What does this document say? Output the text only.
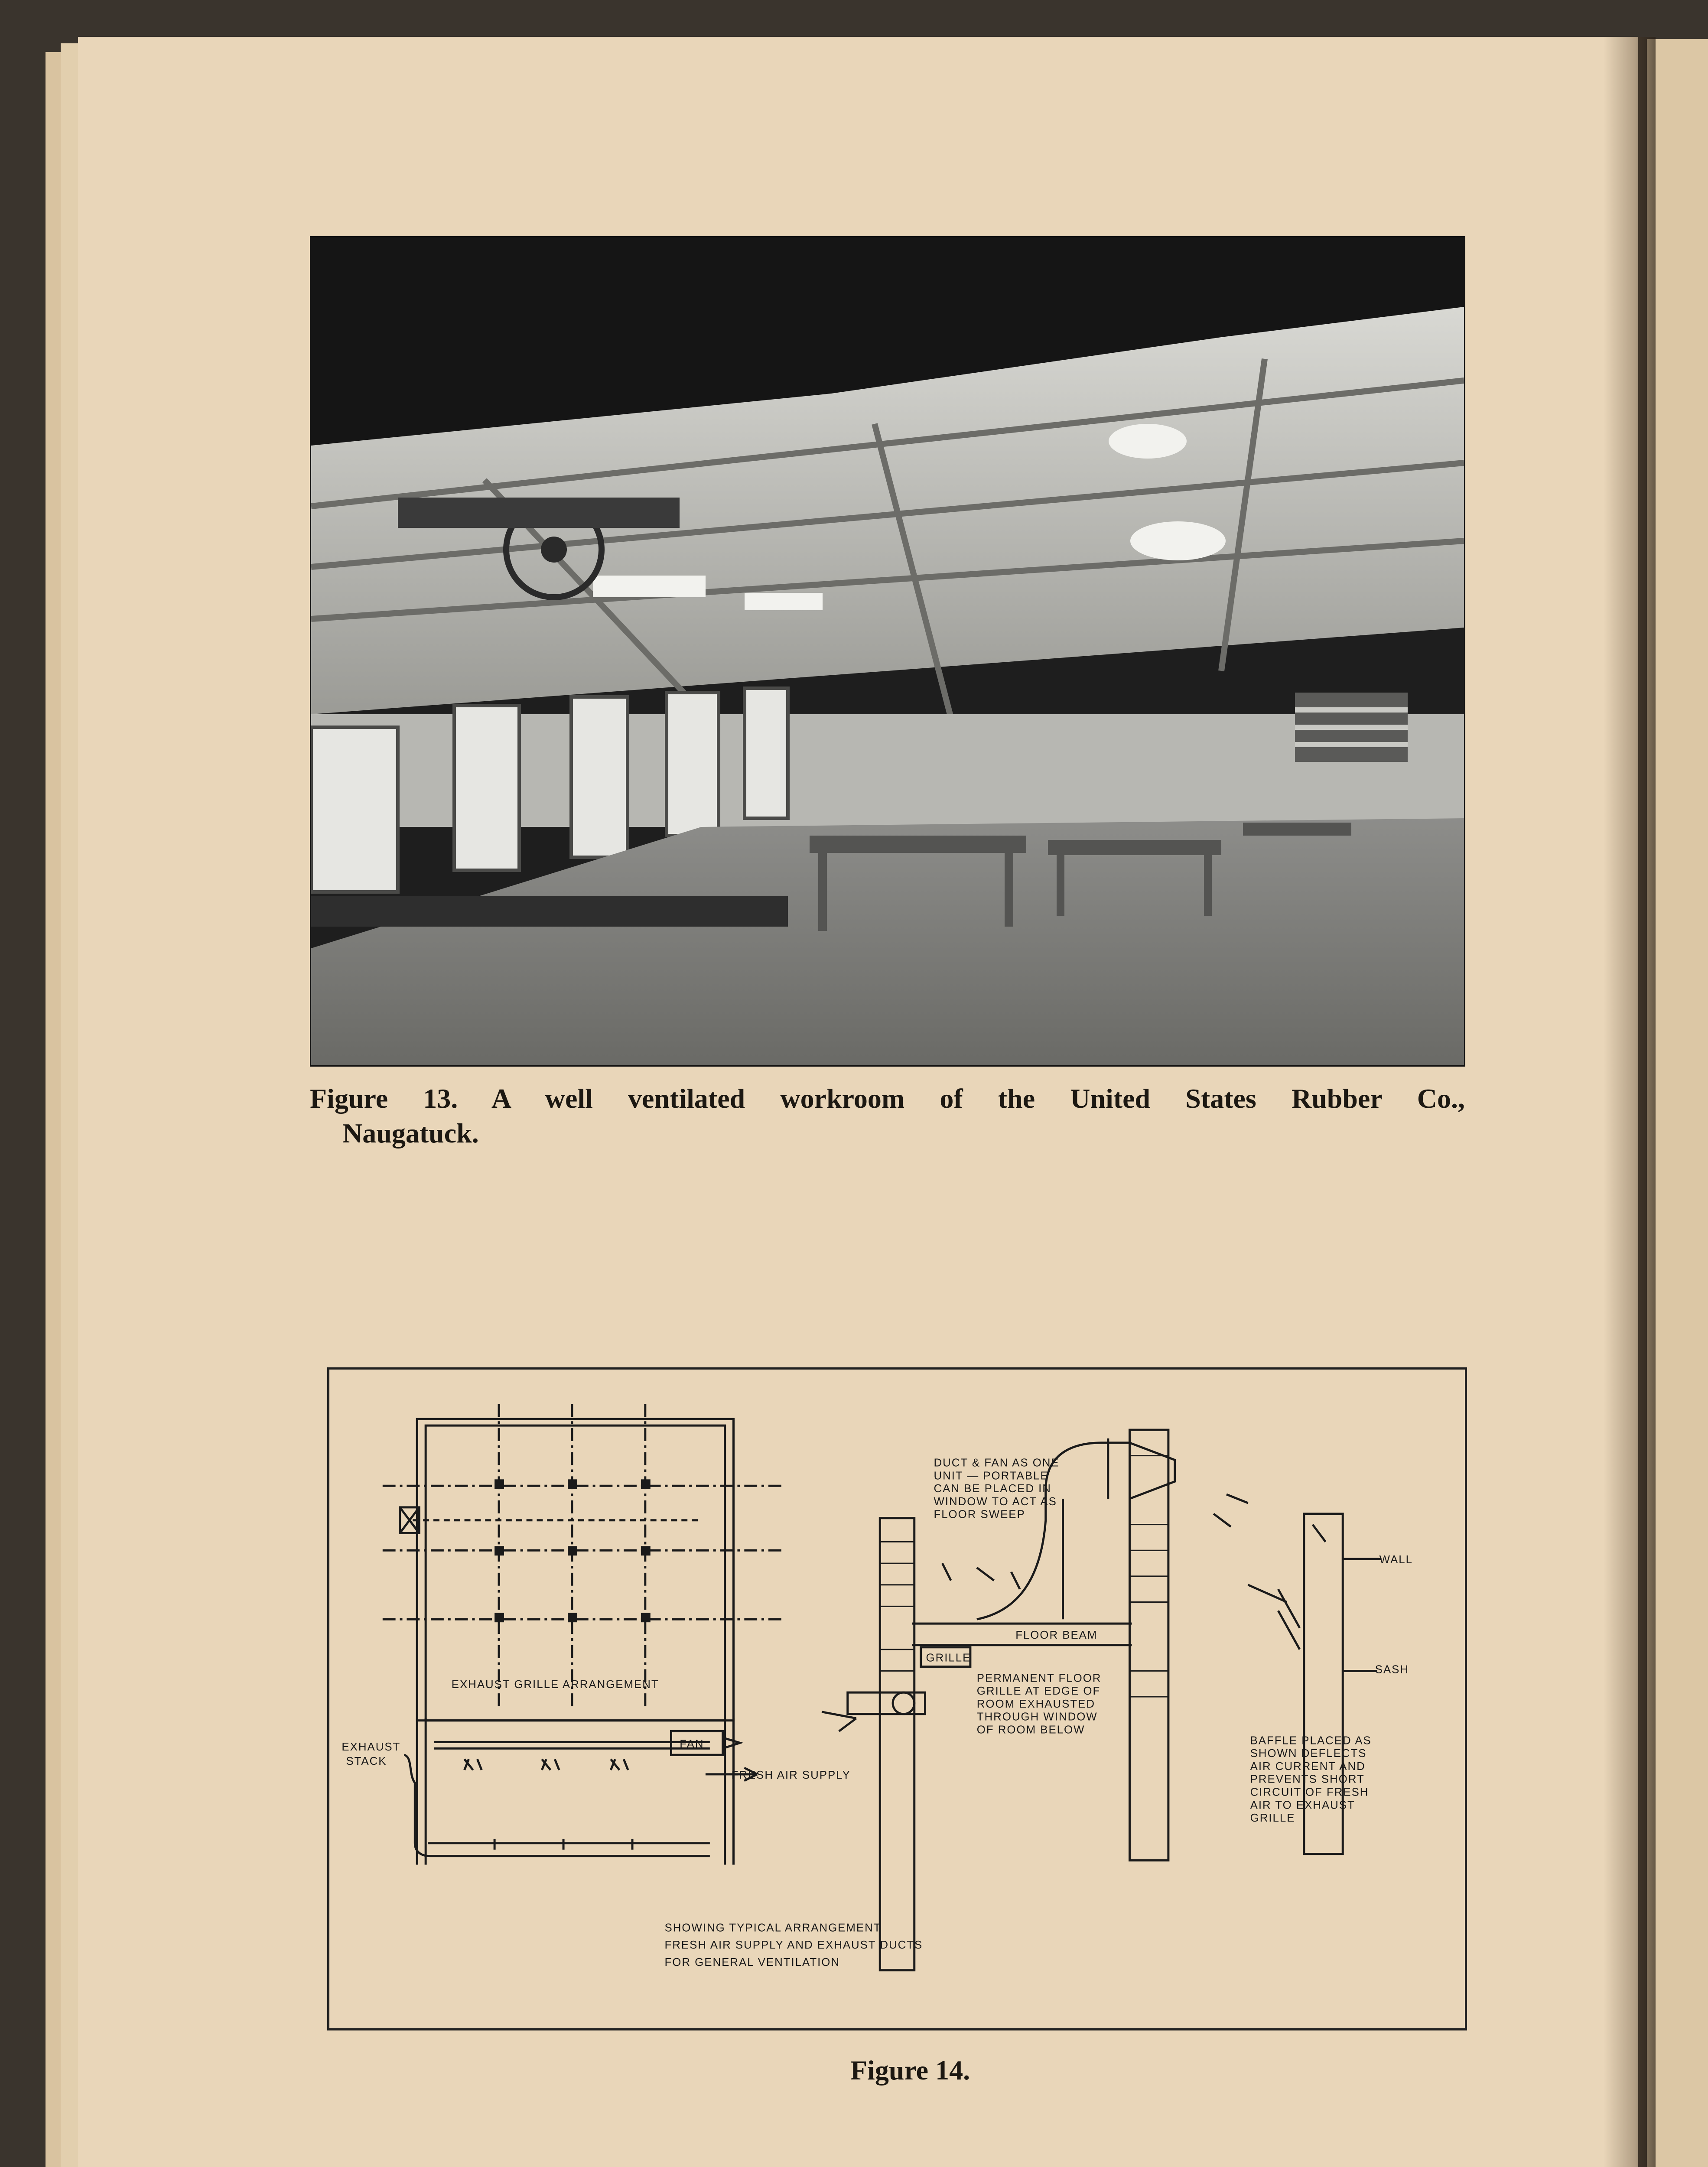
Figure 13. A well ventilated workroom of the United States Rubber Co.,
Naugatuck.
EXHAUST GRILLE ARRANGEMENT
EXHAUST
STACK
FAN
FRESH AIR SUPPLY
DUCT & FAN AS ONE
UNIT — PORTABLE
CAN BE PLACED IN
WINDOW TO ACT AS
FLOOR SWEEP
FLOOR BEAM
GRILLE
PERMANENT FLOOR
GRILLE AT EDGE OF
ROOM EXHAUSTED
THROUGH WINDOW
OF ROOM BELOW
WALL
SASH
BAFFLE PLACED AS
SHOWN DEFLECTS
AIR CURRENT AND
PREVENTS SHORT
CIRCUIT OF FRESH
AIR TO EXHAUST
GRILLE
SHOWING TYPICAL ARRANGEMENT
FRESH AIR SUPPLY AND EXHAUST DUCTS
FOR GENERAL VENTILATION
Figure 14.
